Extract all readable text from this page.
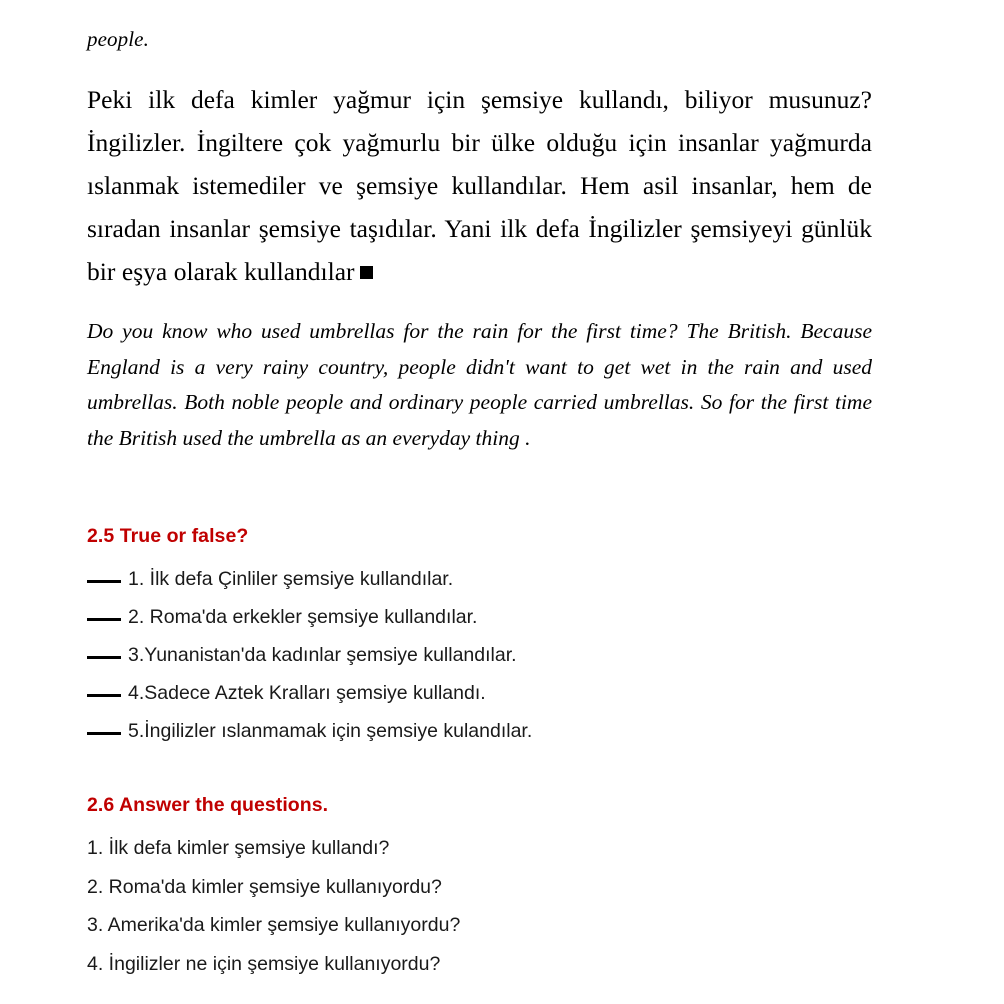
people.

Peki ilk defa kimler yağmur için şemsiye kullandı, biliyor musunuz? İngilizler. İngiltere çok yağmurlu bir ülke olduğu için insanlar yağmurda ıslanmak istemediler ve şemsiye kullandılar. Hem asil insanlar, hem de sıradan insanlar şemsiye taşıdılar. Yani ilk defa İngilizler şemsiyeyi günlük bir eşya olarak kullandılar

Do you know who used umbrellas for the rain for the first time? The British. Because England is a very rainy country, people didn't want to get wet in the rain and used umbrellas. Both noble people and ordinary people carried umbrellas. So for the first time the British used the umbrella as an everyday thing .

2.5 True or false?
1. İlk defa Çinliler şemsiye kullandılar.
2. Roma'da erkekler şemsiye kullandılar.
3.Yunanistan'da kadınlar şemsiye kullandılar.
4.Sadece Aztek Kralları şemsiye kullandı.
5.İngilizler ıslanmamak için şemsiye kulandılar.
2.6 Answer the questions.
1. İlk defa kimler şemsiye kullandı?
2. Roma'da kimler şemsiye kullanıyordu?
3. Amerika'da kimler şemsiye kullanıyordu?
4. İngilizler ne için şemsiye kullanıyordu?
